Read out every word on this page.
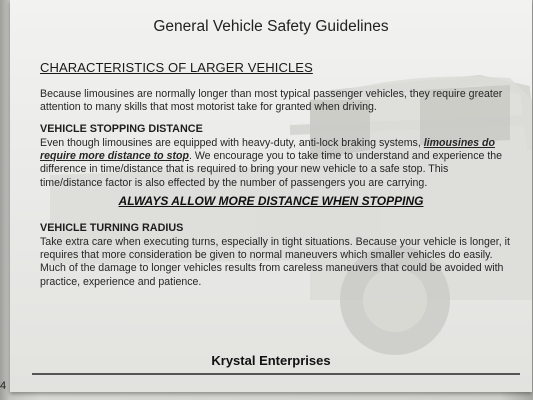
General Vehicle Safety Guidelines
CHARACTERISTICS OF LARGER VEHICLES
Because limousines are normally longer than most typical passenger vehicles, they require greater attention to many skills that most motorist take for granted when driving.
VEHICLE STOPPING DISTANCE
Even though limousines are equipped with heavy-duty, anti-lock braking systems, limousines do require more distance to stop. We encourage you to take time to understand and experience the difference in time/distance that is required to bring your new vehicle to a safe stop. This time/distance factor is also effected by the number of passengers you are carrying.
ALWAYS ALLOW MORE DISTANCE WHEN STOPPING
VEHICLE TURNING RADIUS
Take extra care when executing turns, especially in tight situations. Because your vehicle is longer, it requires that more consideration be given to normal maneuvers which smaller vehicles do easily. Much of the damage to longer vehicles results from careless maneuvers that could be avoided with practice, experience and patience.
Krystal Enterprises
4
